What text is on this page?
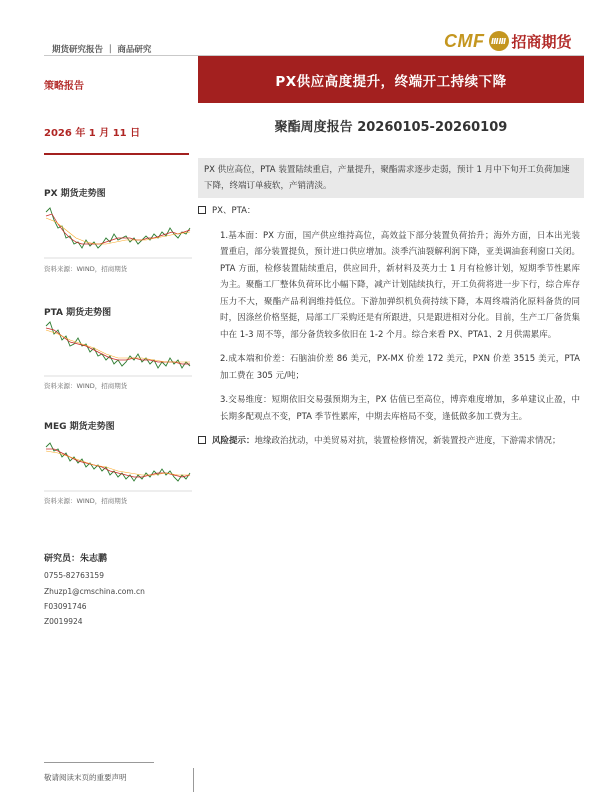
期货研究报告 ｜ 商品研究	CMF ⅢⅢ 招商期货
策略报告	PX供应高度提升，终端开工持续下降
2026 年 1 月 11 日	聚酯周度报告 20260105-20260109
PX 供应高位，PTA 装置陆续重启，产量提升，聚酯需求逐步走弱，预计 1 月中下旬开工负荷加速下降，终端订单疲软，产销清淡。
PX 期货走势图
资料来源：WIND，招商期货
PTA 期货走势图
资料来源：WIND，招商期货
MEG 期货走势图
资料来源：WIND，招商期货
研究员：朱志鹏
0755-82763159
Zhuzp1@cmschina.com.cn
F03091746
Z0019924

PX、PTA：

1.基本面：PX 方面，国产供应维持高位，高效益下部分装置负荷抬升；海外方面，日本出光装置重启，部分装置提负，预计进口供应增加。淡季汽油裂解利润下降，亚美调油套利窗口关闭。PTA 方面，检修装置陆续重启，供应回升，新材料及英力士 1 月有检修计划，短期季节性累库为主。聚酯工厂整体负荷环比小幅下降，减产计划陆续执行，开工负荷将进一步下行，综合库存压力不大，聚酯产品利润维持低位。下游加弹织机负荷持续下降，本周终端消化原料备货的同时，因涤丝价格坚挺，局部工厂采购还是有所跟进，只是跟进相对分化。目前，生产工厂备货集中在 1-3 周不等，部分备货较多依旧在 1-2 个月。综合来看 PX、PTA1、2 月供需累库。

2.成本端和价差：石脑油价差 86 美元，PX-MX 价差 172 美元，PXN 价差 3515 美元，PTA 加工费在 305 元/吨；

3.交易维度：短期依旧交易强预期为主，PX 估值已至高位，博弈难度增加，多单建议止盈，中长期多配观点不变，PTA 季节性累库，中期去库格局不变，逢低做多加工费为主。

风险提示：地缘政治扰动，中美贸易对抗，装置检修情况，新装置投产进度，下游需求情况；

敬请阅读末页的重要声明
